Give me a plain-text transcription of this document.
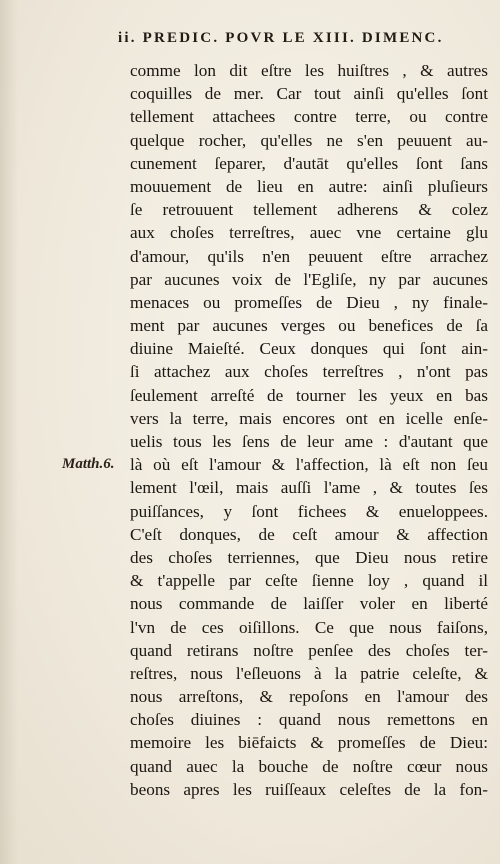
ii. PREDIC. POVR LE XIII. DIMENC.
Matth.6.
comme lon dit eſtre les huiſtres , & autres
coquilles de mer. Car tout ainſi qu'elles ſont
tellement attachees contre terre, ou contre
quelque rocher, qu'elles ne s'en peuuent au-
cunement ſeparer, d'autāt qu'elles ſont ſans
mouuement de lieu en autre: ainſi pluſieurs
ſe retrouuent tellement adherens & colez
aux choſes terreſtres, auec vne certaine glu
d'amour, qu'ils n'en peuuent eſtre arrachez
par aucunes voix de l'Egliſe, ny par aucunes
menaces ou promeſſes de Dieu , ny finale-
ment par aucunes verges ou benefices de ſa
diuine Maieſté. Ceux donques qui ſont ain-
ſi attachez aux choſes terreſtres , n'ont pas
ſeulement arreſté de tourner les yeux en bas
vers la terre, mais encores ont en icelle enſe-
uelis tous les ſens de leur ame : d'autant que
là où eſt l'amour & l'affection, là eſt non ſeu
lement l'œil, mais auſſi l'ame , & toutes ſes
puiſſances, y ſont fichees & enueloppees.
C'eſt donques, de ceſt amour & affection
des choſes terriennes, que Dieu nous retire
& t'appelle par ceſte ſienne loy , quand il
nous commande de laiſſer voler en liberté
l'vn de ces oiſillons. Ce que nous faiſons,
quand retirans noſtre penſee des choſes ter-
reſtres, nous l'eſleuons à la patrie celeſte, &
nous arreſtons, & repoſons en l'amour des
choſes diuines : quand nous remettons en
memoire les biēfaicts & promeſſes de Dieu:
quand auec la bouche de noſtre cœur nous
beons apres les ruiſſeaux celeſtes de la fon-
